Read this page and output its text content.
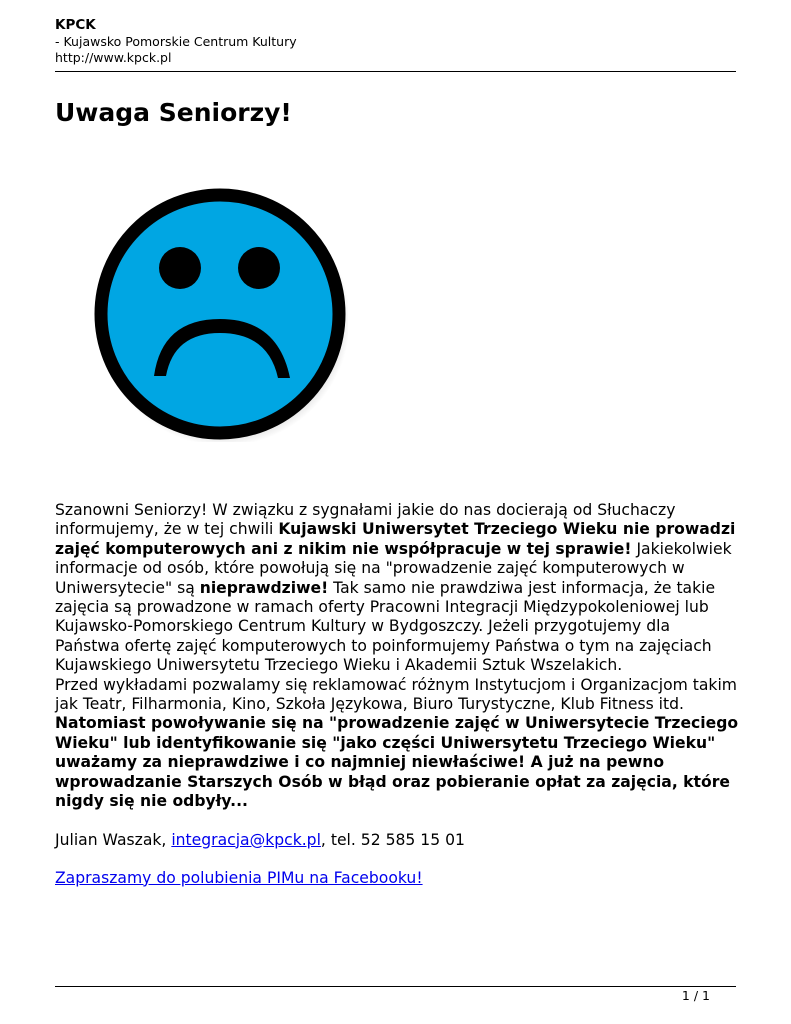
KPCK
- Kujawsko Pomorskie Centrum Kultury
http://www.kpck.pl
Uwaga Seniorzy!

Szanowni Seniorzy! W związku z sygnałami jakie do nas docierają od Słuchaczy informujemy, że w tej chwili Kujawski Uniwersytet Trzeciego Wieku nie prowadzi zajęć komputerowych ani z nikim nie współpracuje w tej sprawie! Jakiekolwiek informacje od osób, które powołują się na "prowadzenie zajęć komputerowych w Uniwersytecie" są nieprawdziwe! Tak samo nie prawdziwa jest informacja, że takie zajęcia są prowadzone w ramach oferty Pracowni Integracji Międzypokoleniowej lub Kujawsko-Pomorskiego Centrum Kultury w Bydgoszczy. Jeżeli przygotujemy dla Państwa ofertę zajęć komputerowych to poinformujemy Państwa o tym na zajęciach Kujawskiego Uniwersytetu Trzeciego Wieku i Akademii Sztuk Wszelakich.

Przed wykładami pozwalamy się reklamować różnym Instytucjom i Organizacjom takim jak Teatr, Filharmonia, Kino, Szkoła Językowa, Biuro Turystyczne, Klub Fitness itd.
Natomiast powoływanie się na "prowadzenie zajęć w Uniwersytecie Trzeciego Wieku" lub identyfikowanie się "jako części Uniwersytetu Trzeciego Wieku" uważamy za nieprawdziwe i co najmniej niewłaściwe! A już na pewno wprowadzanie Starszych Osób w błąd oraz pobieranie opłat za zajęcia, które nigdy się nie odbyły...

Julian Waszak, integracja@kpck.pl, tel. 52 585 15 01

Zapraszamy do polubienia PIMu na Facebooku!

1 / 1
